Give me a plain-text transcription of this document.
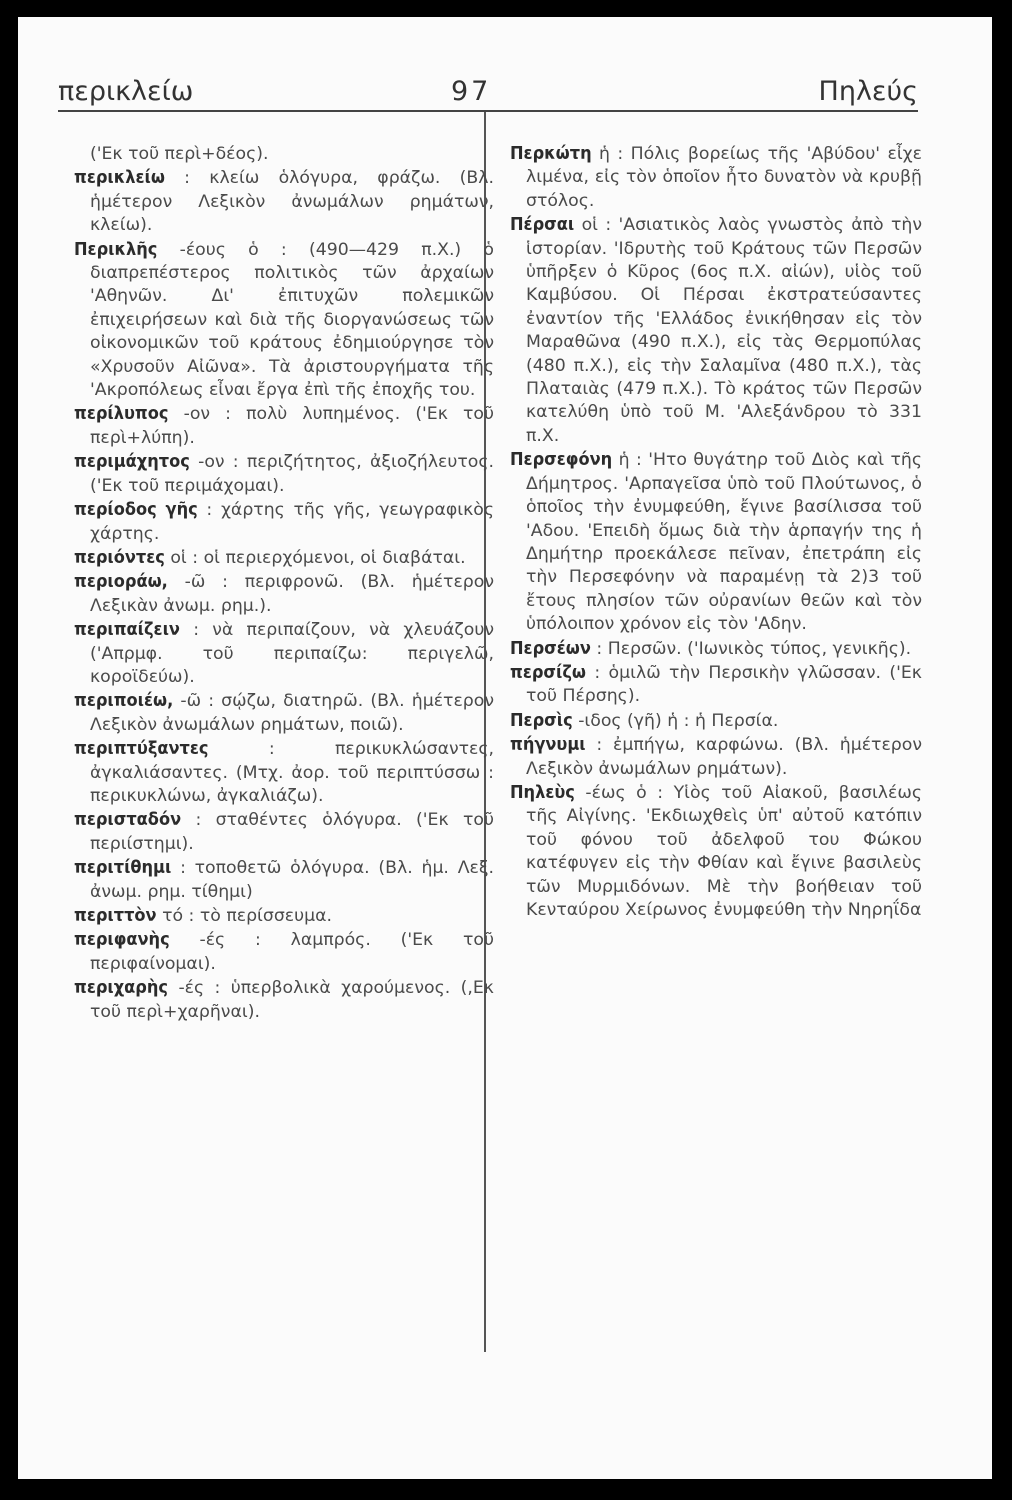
περικλείω	97	Πηλεύς

('Εκ τοῦ περὶ+δέος).

περικλείω : κλείω ὁλόγυρα, φράζω. (Βλ. ἡμέτερον Λεξικὸν ἀνωμάλων ρημάτων, κλείω).

Περικλῆς -έους ὁ : (490—429 π.Χ.) ὁ διαπρεπέστερος πολιτικὸς τῶν ἀρχαίων 'Αθηνῶν. Δι' ἐπιτυχῶν πολεμικῶν ἐπιχειρήσεων καὶ διὰ τῆς διοργανώσεως τῶν οἰκονομικῶν τοῦ κράτους ἐδημιούργησε τὸν «Χρυσοῦν Αἰῶνα». Τὰ ἀριστουργήματα τῆς 'Ακροπόλεως εἶναι ἔργα ἐπὶ τῆς ἐποχῆς του.

περίλυπος -ον : πολὺ λυπημένος. ('Εκ τοῦ περὶ+λύπη).

περιμάχητος -ον : περιζήτητος, ἀξιοζήλευτος. ('Εκ τοῦ περιμάχομαι).

περίοδος γῆς : χάρτης τῆς γῆς, γεωγραφικὸς χάρτης.

περιόντες οἱ : οἱ περιερχόμενοι, οἱ διαβάται.

περιοράω, -ῶ : περιφρονῶ. (Βλ. ἡμέτερον Λεξικὰν ἀνωμ. ρημ.).

περιπαίζειν : νὰ περιπαίζουν, νὰ χλευάζουν ('Απρμφ. τοῦ περιπαίζω: περιγελῶ, κοροϊδεύω).

περιποιέω, -ῶ : σῴζω, διατηρῶ. (Βλ. ἡμέτερον Λεξικὸν ἀνωμάλων ρημάτων, ποιῶ).

περιπτύξαντες	: περικυκλώσαντες, ἀγκαλιάσαντες. (Μτχ. ἀορ. τοῦ περιπτύσσω : περικυκλώνω, ἀγκαλιάζω).

περισταδόν : σταθέντες ὁλόγυρα. ('Εκ τοῦ περιίστημι).

περιτίθημι : τοποθετῶ ὁλόγυρα. (Βλ. ἡμ. Λεξ. ἀνωμ. ρημ. τίθημι)

περιττὸν τό : τὸ περίσσευμα.

περιφανὴς -ές : λαμπρός. ('Εκ τοῦ περιφαίνομαι).

περιχαρὴς -ές : ὑπερβολικὰ χαρούμενος. (,Εκ τοῦ περὶ+χαρῆναι).

Περκώτη ἡ : Πόλις βορείως τῆς 'Αβύδου' εἶχε λιμένα, εἰς τὸν ὁποῖον ἦτο δυνατὸν νὰ κρυβῇ στόλος.

Πέρσαι οἱ : 'Ασιατικὸς λαὸς γνωστὸς ἀπὸ τὴν ἱστορίαν. 'Ιδρυτὴς τοῦ Κράτους τῶν Περσῶν ὑπῆρξεν ὁ Κῦρος (6ος π.Χ. αἰών), υἱὸς τοῦ Καμβύσου. Οἱ Πέρσαι ἐκστρατεύσαντες ἐναντίον τῆς 'Ελλάδος ἐνικήθησαν εἰς τὸν Μαραθῶνα (490 π.Χ.), εἰς τὰς Θερμοπύλας (480 π.Χ.), εἰς τὴν Σαλαμῖνα (480 π.Χ.), τὰς Πλαταιὰς (479 π.Χ.). Τὸ κράτος τῶν Περσῶν κατελύθη ὑπὸ τοῦ Μ. 'Αλεξάνδρου τὸ 331 π.Χ.

Περσεφόνη ἡ : 'Ητο θυγάτηρ τοῦ Διὸς καὶ τῆς Δήμητρος. 'Αρπαγεῖσα ὑπὸ τοῦ Πλούτωνος, ὁ ὁποῖος τὴν ἐνυμφεύθη, ἔγινε βασίλισσα τοῦ 'Αδου. 'Επειδὴ ὅμως διὰ τὴν ἁρπαγήν της ἡ Δημήτηρ προεκάλεσε πεῖναν, ἐπετράπη εἰς τὴν Περσεφόνην νὰ παραμένῃ τὰ 2)3 τοῦ ἔτους πλησίον τῶν οὐρανίων θεῶν καὶ τὸν ὑπόλοιπον χρόνον εἰς τὸν 'Αδην.

Περσέων : Περσῶν. ('Ιωνικὸς τύπος, γενικῆς).

περσίζω : ὁμιλῶ τὴν Περσικὴν γλῶσσαν. ('Εκ τοῦ Πέρσης).

Περσὶς -ιδος (γῆ) ἡ : ἡ Περσία.

πήγνυμι : ἐμπήγω, καρφώνω. (Βλ. ἡμέτερον Λεξικὸν ἀνωμάλων ρημάτων).

Πηλεὺς -έως ὁ : Υἱὸς τοῦ Αἰακοῦ, βασιλέως τῆς Αἰγίνης. 'Εκδιωχθεὶς ὑπ' αὐτοῦ κατόπιν τοῦ φόνου τοῦ ἀδελφοῦ του Φώκου κατέφυγεν εἰς τὴν Φθίαν καὶ ἔγινε βασιλεὺς τῶν Μυρμιδόνων. Μὲ τὴν βοήθειαν τοῦ Κενταύρου Χείρωνος ἐνυμφεύθη τὴν Νηρηΐδα
